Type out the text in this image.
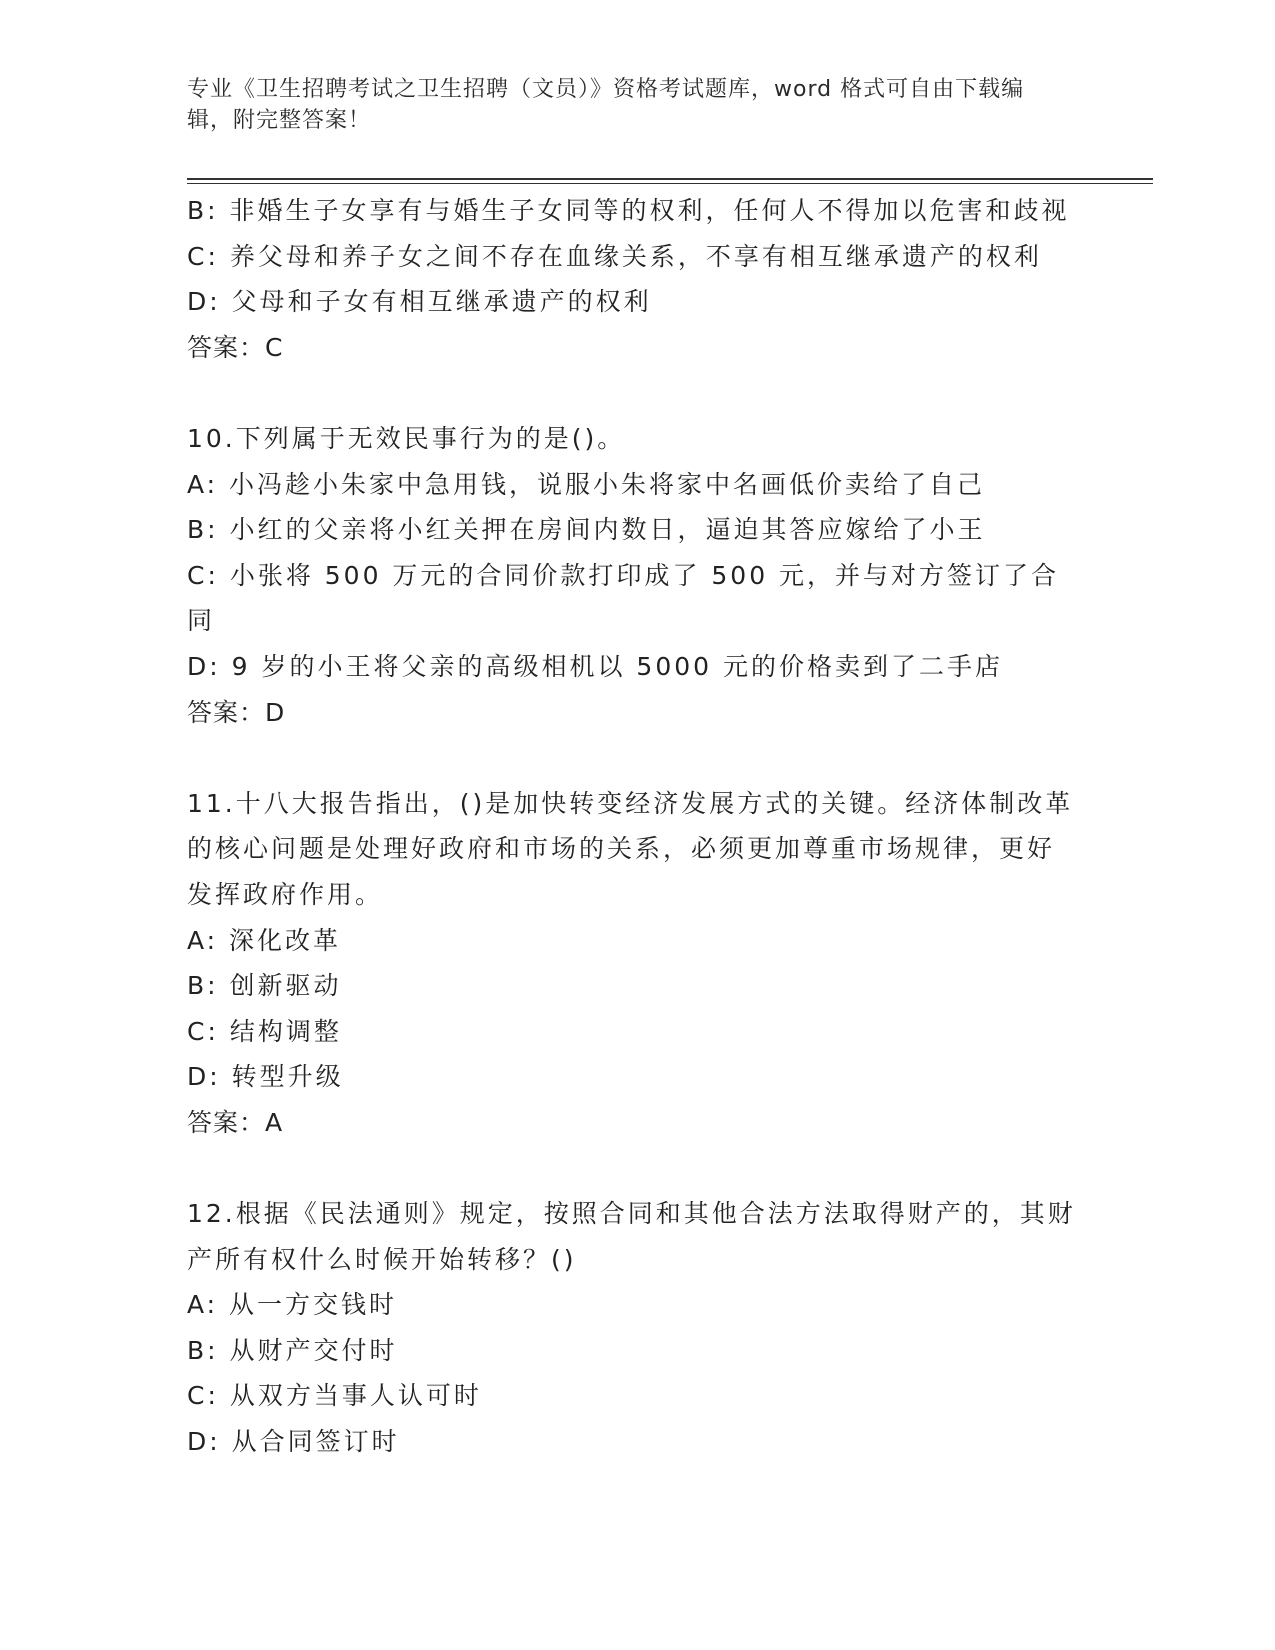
专业《卫生招聘考试之卫生招聘（文员）》资格考试题库，word 格式可自由下载编辑，附完整答案！

B: 非婚生子女享有与婚生子女同等的权利，任何人不得加以危害和歧视

C: 养父母和养子女之间不存在血缘关系，不享有相互继承遗产的权利

D: 父母和子女有相互继承遗产的权利

答案：C

10.下列属于无效民事行为的是()。

A: 小冯趁小朱家中急用钱，说服小朱将家中名画低价卖给了自己

B: 小红的父亲将小红关押在房间内数日，逼迫其答应嫁给了小王

C: 小张将 500 万元的合同价款打印成了 500 元，并与对方签订了合同

D: 9 岁的小王将父亲的高级相机以 5000 元的价格卖到了二手店

答案：D

11.十八大报告指出，()是加快转变经济发展方式的关键。经济体制改革的核心问题是处理好政府和市场的关系，必须更加尊重市场规律，更好发挥政府作用。

A: 深化改革

B: 创新驱动

C: 结构调整

D: 转型升级

答案：A

12.根据《民法通则》规定，按照合同和其他合法方法取得财产的，其财产所有权什么时候开始转移？()

A: 从一方交钱时

B: 从财产交付时

C: 从双方当事人认可时

D: 从合同签订时
